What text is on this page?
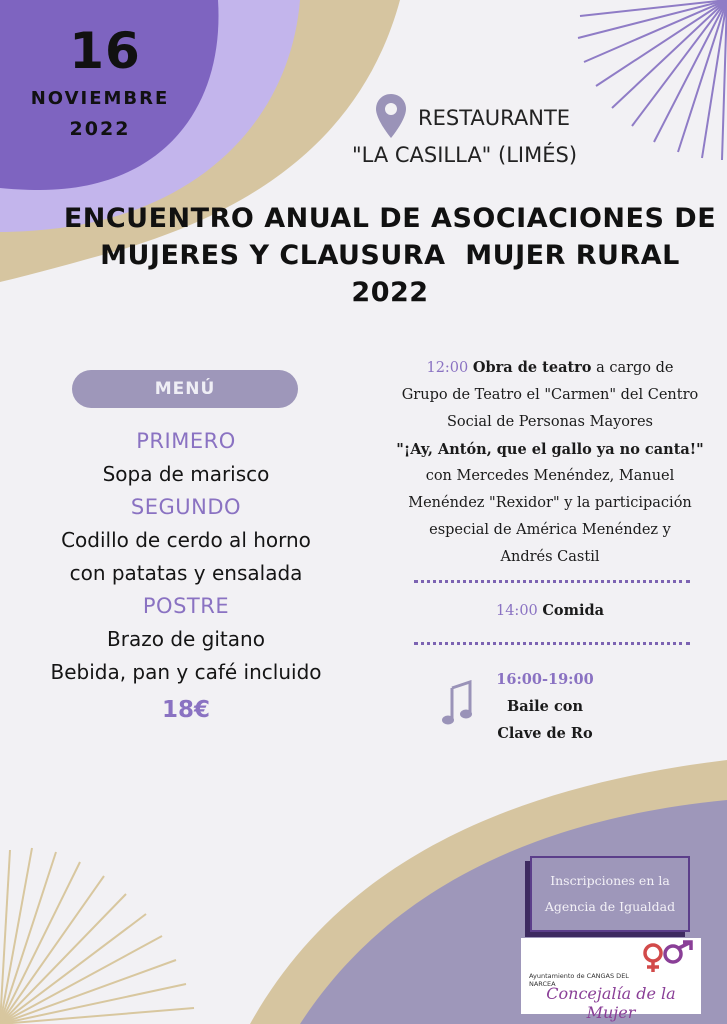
16
NOVIEMBRE
2022	RESTAURANTE
"LA CASILLA" (LIMÉS)
ENCUENTRO ANUAL DE ASOCIACIONES DE
MUJERES Y CLAUSURA  MUJER RURAL
2022
MENÚ
PRIMERO
Sopa de marisco
SEGUNDO
Codillo de cerdo al horno
con patatas y ensalada
POSTRE
Brazo de gitano
Bebida, pan y café incluido
18€
12:00 Obra de teatro a cargo de
Grupo de Teatro el "Carmen" del Centro
Social de Personas Mayores
"¡Ay, Antón, que el gallo ya no canta!"
con Mercedes Menéndez, Manuel
Menéndez "Rexidor" y la participación
especial de América Menéndez y
Andrés Castil
14:00 Comida
16:00-19:00
Baile con
Clave de Ro
Inscripciones en la
Agencia de Igualdad
Ayuntamiento de CANGAS DEL NARCEA
Concejalía de la Mujer
